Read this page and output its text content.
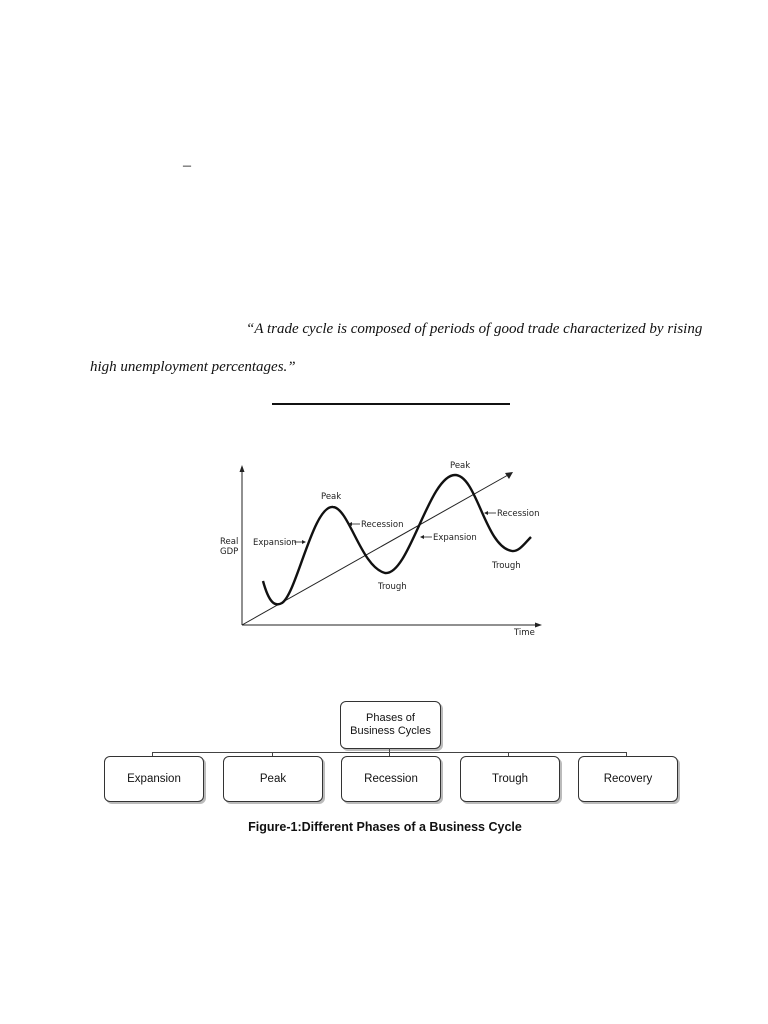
–
“A trade cycle is composed of periods of good trade characterized by rising
high unemployment percentages.”
Real
GDP
Time
Expansion
Peak
Recession
Trough
Expansion
Peak
Recession
Trough
Phases of
Business Cycles
Expansion	Peak	Recession	Trough	Recovery
Figure-1:Different Phases of a Business Cycle
